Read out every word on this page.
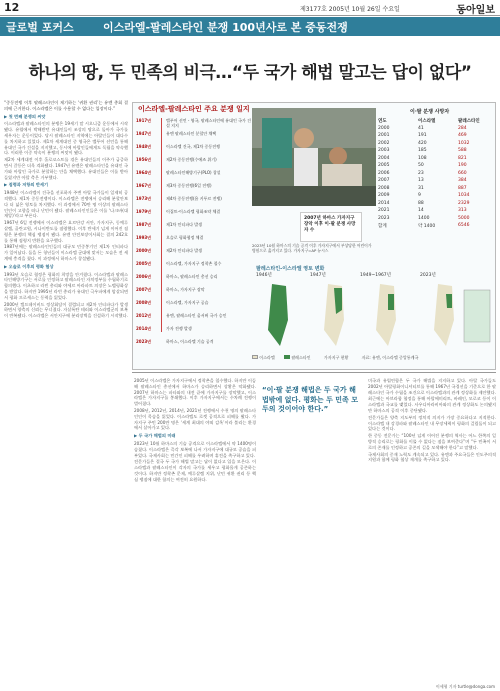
12	제3177호 2005년 10월 26일 수요일	동아일보
글로벌 포커스	이스라엘-팔레스타인 분쟁 100년사로 본 중동전쟁
하나의 땅, 두 민족의 비극…“두 국가 해법 말고는 답이 없다”

“중동전쟁 이후 팔레스타인이 제기하는 ‘귀환 권리’는 유엔 총회 결의에 근거한다. 이스라엘은 이를 수용할 수 없다는 입장이다.”

▶ 첫 번째 분쟁의 씨앗

이스라엘과 팔레스타인의 분쟁은 19세기 말 시오니즘 운동에서 시작됐다. 유럽에서 박해받던 유대인들이 조상의 땅으로 돌아가 국가를 세우자는 운동이었다. 당시 팔레스타인 지역에는 아랍인들이 대다수를 차지하고 있었다. 제1차 세계대전 중 영국은 밸푸어 선언을 통해 유대인 국가 건설을 지지했고, 동시에 아랍인들에게도 독립을 약속했다. 이러한 이중 약속이 분쟁의 씨앗이 됐다.

제2차 세계대전 이후 홀로코스트를 겪은 유대인들의 이주가 급증하면서 갈등은 더욱 격화됐다. 1947년 유엔은 팔레스타인을 유대인 국가와 아랍인 국가로 분할하는 안을 채택했다. 유대인들은 이를 받아들였지만 아랍 측은 거부했다.

▶ 점령과 저항의 반세기

1948년 이스라엘이 건국을 선포하자 주변 아랍 국가들이 일제히 공격했다. 제1차 중동전쟁이다. 이스라엘은 전쟁에서 승리해 분할안보다 더 넓은 영토를 차지했다. 이 과정에서 70만 명 이상의 팔레스타인인이 고향을 떠나 난민이 됐다. 팔레스타인인들은 이를 ‘나크바(대재앙)’라고 부른다.

1967년 6일 전쟁에서 이스라엘은 요르단강 서안, 가자지구, 동예루살렘, 골란고원, 시나이반도를 점령했다. 이후 반세기 넘게 이어진 점령은 분쟁의 핵심 쟁점이 됐다. 유엔 안전보장이사회는 결의 242호를 통해 점령지 반환을 요구했다.

1987년에는 팔레스타인인들의 대규모 민중봉기인 제1차 인티파다가 일어났다. 돌을 든 청년들이 이스라엘 군대에 맞서는 모습은 전 세계에 충격을 줬다. 이 과정에서 하마스가 창설됐다.

▶ 오슬로 이후의 평화 협상

1993년 오슬로 협정은 평화의 희망을 안겨줬다. 이스라엘과 팔레스타인해방기구는 서로를 인정하고 팔레스타인 자치정부를 수립하기로 합의했다. 이츠하크 라빈 총리와 야세르 아라파트 의장은 노벨평화상을 받았다. 하지만 1995년 라빈 총리가 유대인 극우파에게 암살되면서 평화 프로세스는 동력을 잃었다.

2000년 캠프데이비드 정상회담이 결렬되고 제2차 인티파다가 발생하면서 양측의 신뢰는 무너졌다. 자살폭탄 테러와 이스라엘군의 보복이 반복됐다. 이스라엘은 서안지구에 분리장벽을 건설하기 시작했다.

이스라엘-팔레스타인 주요 분쟁 일지
1917년	밸푸어 선언 - 영국, 팔레스타인에 유대인 국가 건설 지지
1947년	유엔 팔레스타인 분할안 채택
1948년	이스라엘 건국, 제1차 중동전쟁
1956년	제2차 중동전쟁(수에즈 위기)
1964년	팔레스타인해방기구(PLO) 창설
1967년	제3차 중동전쟁(6일 전쟁)
1973년	제4차 중동전쟁(욤 키푸르 전쟁)
1979년	이집트-이스라엘 평화조약 체결
1987년	제1차 인티파다 발생
1993년	오슬로 평화협정 체결
2000년	제2차 인티파다 발생
2005년	이스라엘, 가자지구 정착촌 철수
2006년	하마스, 팔레스타인 총선 승리
2007년	하마스, 가자지구 장악
2008년	이스라엘, 가자지구 공습
2012년	유엔, 팔레스타인 옵서버 국가 승인
2014년	가자 전쟁 발생
2023년	하마스, 이스라엘 기습 공격
2007년 하마스 가자지구 장악 이후 이·팔 분쟁 사망자 수
이·팔 분쟁 사망자
연도	이스라엘	팔레스타인
2000	41	284
2001	191	469
2002	420	1032
2003	185	588
2004	108	821
2005	50	190
2006	23	660
2007	13	384
2008	31	887
2009	9	1034
2014	88	2329
2021	14	313
2023	1400	5000
합계	약 1400	6546
2023년 10월 하마스의 기습 공격 이후 가자지구에서 부상당한 어린이가 병원으로 옮겨지고 있다. 가자지구=AP 뉴시스
팔레스타인-이스라엘 영토 변화
1946년	1947년	1949~1967년	2023년
이스라엘	팔레스타인	가자지구 현황	자료: 유엔, 이스라엘 중앙통계국

2005년 이스라엘은 가자지구에서 정착촌을 철수했다. 하지만 이듬해 팔레스타인 총선에서 하마스가 승리하면서 상황은 악화됐다. 2007년 하마스는 파타와의 내전 끝에 가자지구를 장악했고, 이스라엘은 가자지구를 봉쇄했다. 이후 가자지구에서는 수차례 전쟁이 벌어졌다.

2008년, 2012년, 2014년, 2021년 전쟁에서 수천 명의 팔레스타인인이 목숨을 잃었다. 이스라엘도 로켓 공격으로 피해를 봤다. 가자지구 주민 200만 명은 ‘세계 최대의 야외 감옥’이라 불리는 환경에서 살아가고 있다.

▶ 두 국가 해법의 미래

2023년 10월 하마스의 기습 공격으로 이스라엘에서 약 1400명이 숨졌다. 이스라엘은 즉각 보복에 나서 가자지구에 대규모 공습을 퍼부었다. 국제사회는 민간인 피해를 우려하며 휴전을 촉구하고 있다.

전문가들은 결국 두 국가 해법 말고는 답이 없다고 입을 모은다. 이스라엘과 팔레스타인이 각자의 국가를 세우고 평화롭게 공존하는 것이다. 하지만 정착촌 문제, 예루살렘 지위, 난민 귀환 권리 등 핵심 쟁점에 대한 합의는 여전히 요원하다.

“이·팔 분쟁 해법은 두 국가 해법밖에 없다. 평화는 두 민족 모두의 것이어야 한다.”

미국과 유럽연합은 두 국가 해법을 지지하고 있다. 아랍 국가들도 2002년 아랍평화이니셔티브를 통해 1967년 국경선을 기준으로 한 팔레스타인 국가 수립을 조건으로 이스라엘과의 관계 정상화를 제안했다.

최근에는 아브라함 협정을 통해 아랍에미리트, 바레인, 모로코 등이 이스라엘과 국교를 맺었다. 사우디아라비아와의 관계 정상화도 논의됐지만 하마스의 공격 이후 중단됐다.

전문가들은 양측 지도부의 정치적 의지가 가장 중요하다고 지적한다. 이스라엘 내 강경파와 팔레스타인 내 무장세력이 평화의 걸림돌이 되고 있다는 것이다.

한 중동 전문가는 “100년 넘게 이어진 분쟁의 역사는 어느 한쪽의 일방적 승리로는 평화를 이룰 수 없다는 점을 보여준다”며 “두 민족이 서로의 존재를 인정하고 공존의 길을 모색해야 한다”고 말했다.

국제사회의 중재 노력도 계속되고 있다. 유엔과 주요국들은 인도주의적 지원과 함께 평화 협상 재개를 촉구하고 있다.

이세형 기자 turtle@donga.com
